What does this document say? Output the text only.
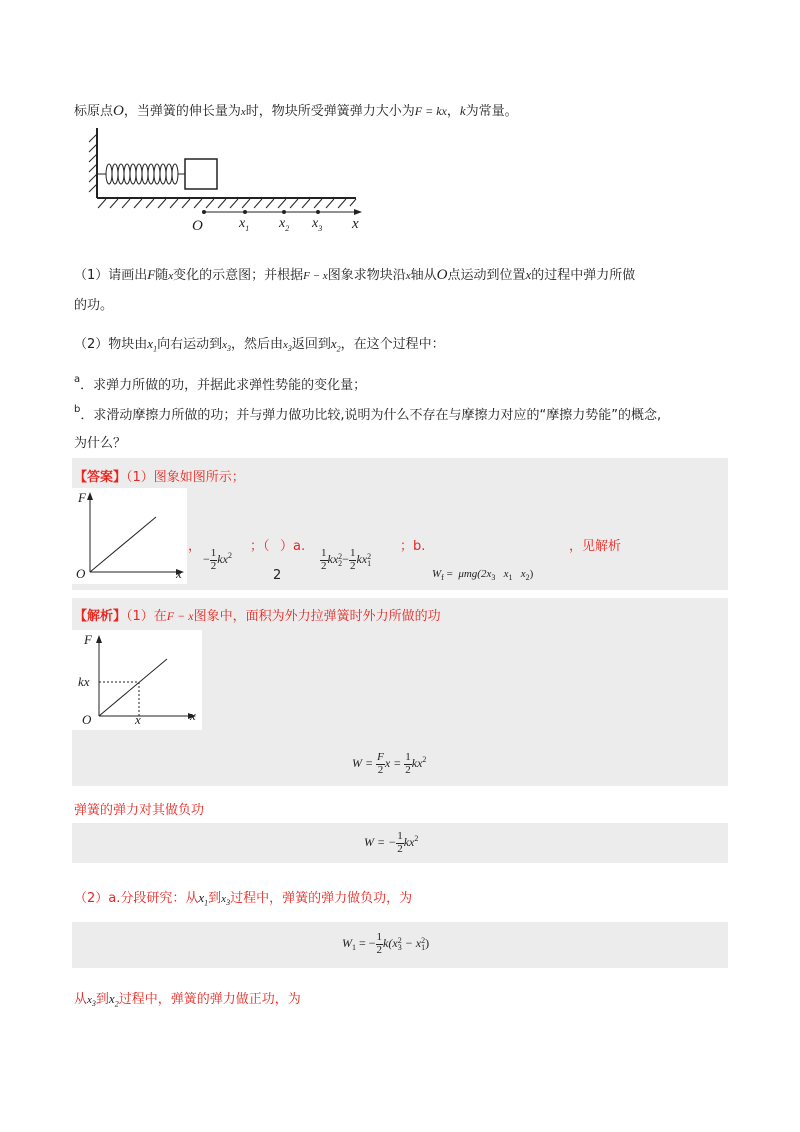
标原点O，当弹簧的伸长量为x时，物块所受弹簧弹力大小为F = kx，k为常量。
O	$x_1$ $x_2$ $x_3$ x
（1）请画出F随x变化的示意图；并根据F − x图象求物块沿x轴从O点运动到位置x的过程中弹力所做
的功。
（2）物块由$x_1$向右运动到$x_3$，然后由$x_3$返回到$x_2$，在这个过程中：
$^a$．求弹力所做的功，并据此求弹性势能的变化量；
$^b$．求滑动摩擦力所做的功；并与弹力做功比较,说明为什么不存在与摩擦力对应的“摩擦力势能”的概念,
为什么？
【答案】（1）图象如图所示；
F
O	x
，	；（ ）a.	；b.	，见解析
2
− $\frac{1}{2} kx^2$	$\frac{1}{2}$ kx 2
$2 - \frac{1}{2}$ kx 2
1
$W_f = \mu mg(2x_3$ $x_1$ $x_2$)
【解析】（1）在F − x图象中，面积为外力拉弹簧时外力所做的功
F
kx
O	x	x
$W = \frac{F}{2}$ $x = \frac{1}{2} kx^2$
弹簧的弹力对其做负功
W = − $\frac{1}{2} kx^2$
（2）a.分段研究：从$x_1$到$x_3$过程中，弹簧的弹力做负功，为
$W_1$ = − $\frac{1}{2} k(x$ 2
3 − x 2
1 )
从$x_3$到$x_2$过程中，弹簧的弹力做正功，为
